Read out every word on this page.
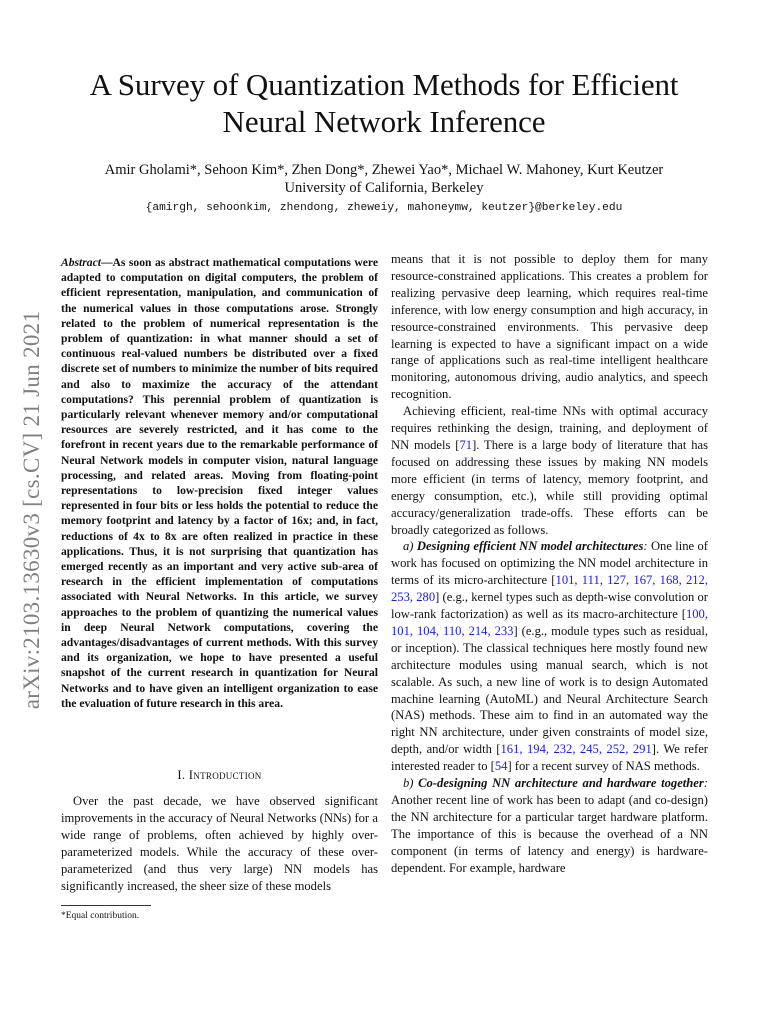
A Survey of Quantization Methods for Efficient
Neural Network Inference
Amir Gholami*, Sehoon Kim*, Zhen Dong*, Zhewei Yao*, Michael W. Mahoney, Kurt Keutzer
University of California, Berkeley
{amirgh, sehoonkim, zhendong, zheweiy, mahoneymw, keutzer}@berkeley.edu
arXiv:2103.13630v3 [cs.CV] 21 Jun 2021

Abstract—As soon as abstract mathematical computations were adapted to computation on digital computers, the problem of efficient representation, manipulation, and communication of the numerical values in those computations arose. Strongly related to the problem of numerical representation is the problem of quantization: in what manner should a set of continuous real-valued numbers be distributed over a fixed discrete set of numbers to minimize the number of bits required and also to maximize the accuracy of the attendant computations? This perennial problem of quantization is particularly relevant whenever memory and/or computational resources are severely restricted, and it has come to the forefront in recent years due to the remarkable performance of Neural Network models in computer vision, natural language processing, and related areas. Moving from floating-point representations to low-precision fixed integer values represented in four bits or less holds the potential to reduce the memory footprint and latency by a factor of 16x; and, in fact, reductions of 4x to 8x are often realized in practice in these applications. Thus, it is not surprising that quantization has emerged recently as an important and very active sub-area of research in the efficient implementation of computations associated with Neural Networks. In this article, we survey approaches to the problem of quantizing the numerical values in deep Neural Network computations, covering the advantages/disadvantages of current methods. With this survey and its organization, we hope to have presented a useful snapshot of the current research in quantization for Neural Networks and to have given an intelligent organization to ease the evaluation of future research in this area.

I. Introduction

Over the past decade, we have observed significant improvements in the accuracy of Neural Networks (NNs) for a wide range of problems, often achieved by highly over-parameterized models. While the accuracy of these over-parameterized (and thus very large) NN models has significantly increased, the sheer size of these models

*Equal contribution.

means that it is not possible to deploy them for many resource-constrained applications. This creates a problem for realizing pervasive deep learning, which requires real-time inference, with low energy consumption and high accuracy, in resource-constrained environments. This pervasive deep learning is expected to have a significant impact on a wide range of applications such as real-time intelligent healthcare monitoring, autonomous driving, audio analytics, and speech recognition.

Achieving efficient, real-time NNs with optimal accuracy requires rethinking the design, training, and deployment of NN models [71]. There is a large body of literature that has focused on addressing these issues by making NN models more efficient (in terms of latency, memory footprint, and energy consumption, etc.), while still providing optimal accuracy/generalization trade-offs. These efforts can be broadly categorized as follows.

a) Designing efficient NN model architectures: One line of work has focused on optimizing the NN model architecture in terms of its micro-architecture [101, 111, 127, 167, 168, 212, 253, 280] (e.g., kernel types such as depth-wise convolution or low-rank factorization) as well as its macro-architecture [100, 101, 104, 110, 214, 233] (e.g., module types such as residual, or inception). The classical techniques here mostly found new architecture modules using manual search, which is not scalable. As such, a new line of work is to design Automated machine learning (AutoML) and Neural Architecture Search (NAS) methods. These aim to find in an automated way the right NN architecture, under given constraints of model size, depth, and/or width [161, 194, 232, 245, 252, 291]. We refer interested reader to [54] for a recent survey of NAS methods.

b) Co-designing NN architecture and hardware together: Another recent line of work has been to adapt (and co-design) the NN architecture for a particular target hardware platform. The importance of this is because the overhead of a NN component (in terms of latency and energy) is hardware-dependent. For example, hardware
